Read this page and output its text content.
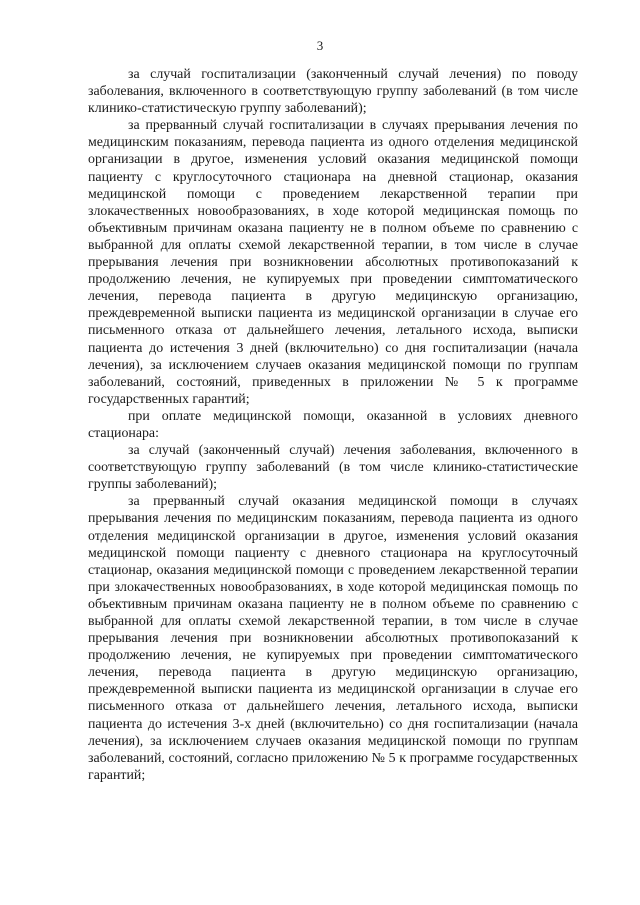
3

за случай госпитализации (законченный случай лечения) по поводу заболевания, включенного в соответствующую группу заболеваний (в том числе клинико-статистическую группу заболеваний);

за прерванный случай госпитализации в случаях прерывания лечения по медицинским показаниям, перевода пациента из одного отделения медицинской организации в другое, изменения условий оказания медицинской помощи пациенту с круглосуточного стационара на дневной стационар, оказания медицинской помощи с проведением лекарственной терапии при злокачественных новообразованиях, в ходе которой медицинская помощь по объективным причинам оказана пациенту не в полном объеме по сравнению с выбранной для оплаты схемой лекарственной терапии, в том числе в случае прерывания лечения при возникновении абсолютных противопоказаний к продолжению лечения, не купируемых при проведении симптоматического лечения, перевода пациента в другую медицинскую организацию, преждевременной выписки пациента из медицинской организации в случае его письменного отказа от дальнейшего лечения, летального исхода, выписки пациента до истечения 3 дней (включительно) со дня госпитализации (начала лечения), за исключением случаев оказания медицинской помощи по группам заболеваний, состояний, приведенных в приложении № 5 к программе государственных гарантий;

при оплате медицинской помощи, оказанной в условиях дневного стационара:

за случай (законченный случай) лечения заболевания, включенного в соответствующую группу заболеваний (в том числе клинико-статистические группы заболеваний);

за прерванный случай оказания медицинской помощи в случаях прерывания лечения по медицинским показаниям, перевода пациента из одного отделения медицинской организации в другое, изменения условий оказания медицинской помощи пациенту с дневного стационара на круглосуточный стационар, оказания медицинской помощи с проведением лекарственной терапии при злокачественных новообразованиях, в ходе которой медицинская помощь по объективным причинам оказана пациенту не в полном объеме по сравнению с выбранной для оплаты схемой лекарственной терапии, в том числе в случае прерывания лечения при возникновении абсолютных противопоказаний к продолжению лечения, не купируемых при проведении симптоматического лечения, перевода пациента в другую медицинскую организацию, преждевременной выписки пациента из медицинской организации в случае его письменного отказа от дальнейшего лечения, летального исхода, выписки пациента до истечения 3-х дней (включительно) со дня госпитализации (начала лечения), за исключением случаев оказания медицинской помощи по группам заболеваний, состояний, согласно приложению № 5 к программе государственных гарантий;
